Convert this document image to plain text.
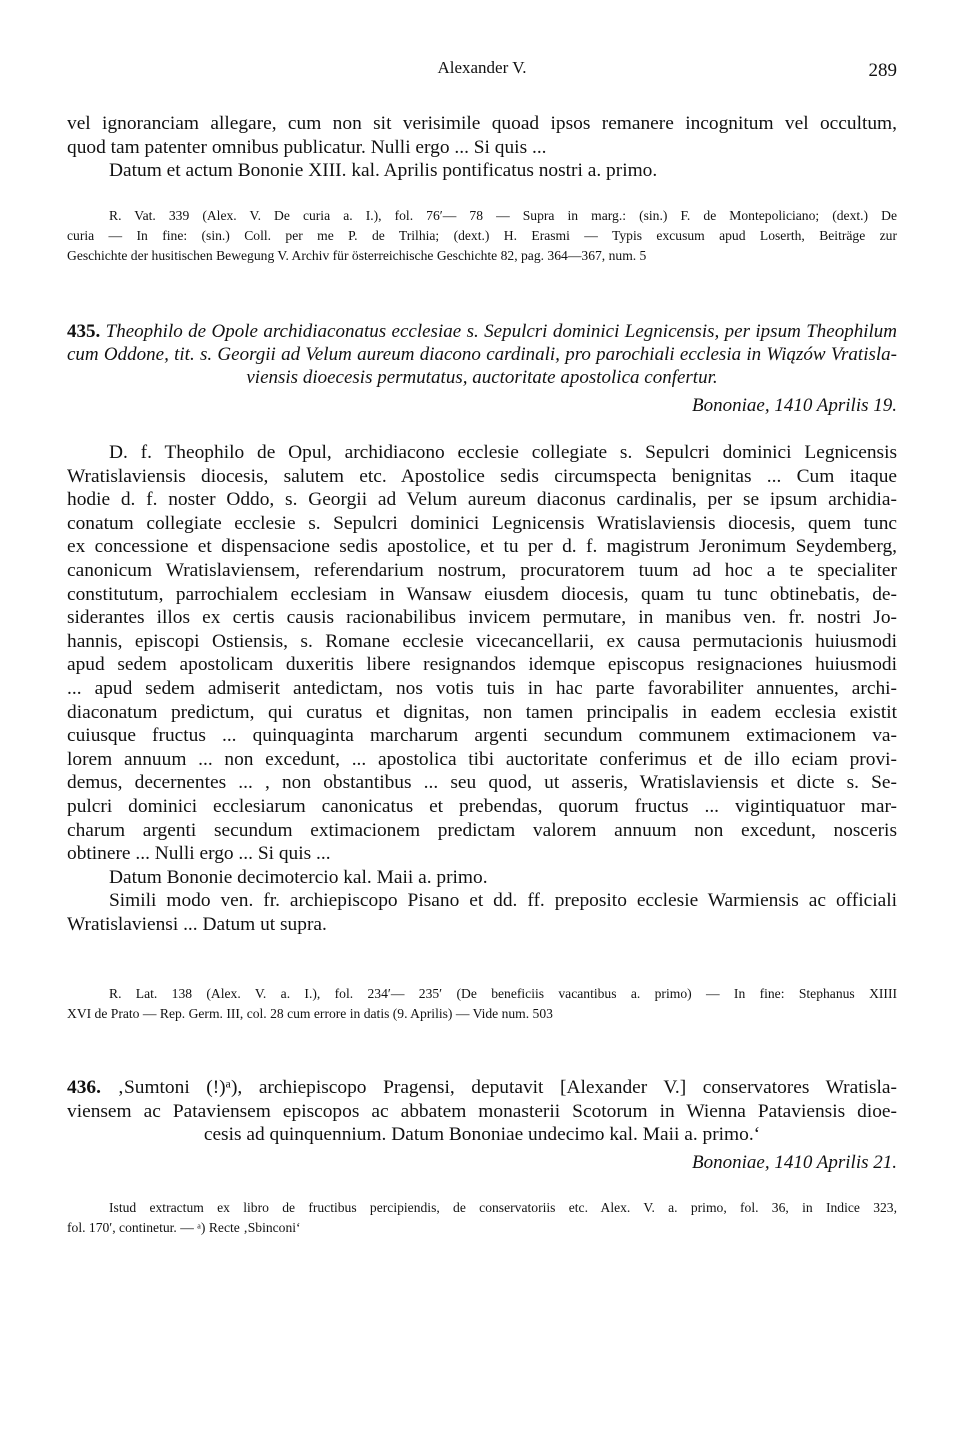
Alexander V.	289
vel ignoranciam allegare, cum non sit verisimile quoad ipsos remanere incognitum vel occultum,
quod tam patenter omnibus publicatur. Nulli ergo ... Si quis ...
Datum et actum Bononie XIII. kal. Aprilis pontificatus nostri a. primo.
R. Vat. 339 (Alex. V. De curia a. I.), fol. 76′— 78 — Supra in marg.: (sin.) F. de Montepoliciano; (dext.) De
curia — In fine: (sin.) Coll. per me P. de Trilhia; (dext.) H. Erasmi — Typis excusum apud Loserth, Beiträge zur
Geschichte der husitischen Bewegung V. Archiv für österreichische Geschichte 82, pag. 364—367, num. 5
435. Theophilo de Opole archidiaconatus ecclesiae s. Sepulcri dominici Legnicensis, per ipsum Theophilum
cum Oddone, tit. s. Georgii ad Velum aureum diacono cardinali, pro parochiali ecclesia in Wiązów Vratisla-
viensis dioecesis permutatus, auctoritate apostolica confertur.
Bononiae, 1410 Aprilis 19.
D. f. Theophilo de Opul, archidiacono ecclesie collegiate s. Sepulcri dominici Legnicensis
Wratislaviensis diocesis, salutem etc. Apostolice sedis circumspecta benignitas ... Cum itaque
hodie d. f. noster Oddo, s. Georgii ad Velum aureum diaconus cardinalis, per se ipsum archidia-
conatum collegiate ecclesie s. Sepulcri dominici Legnicensis Wratislaviensis diocesis, quem tunc
ex concessione et dispensacione sedis apostolice, et tu per d. f. magistrum Jeronimum Seydemberg,
canonicum Wratislaviensem, referendarium nostrum, procuratorem tuum ad hoc a te specialiter
constitutum, parrochialem ecclesiam in Wansaw eiusdem diocesis, quam tu tunc obtinebatis, de-
siderantes illos ex certis causis racionabilibus invicem permutare, in manibus ven. fr. nostri Jo-
hannis, episcopi Ostiensis, s. Romane ecclesie vicecancellarii, ex causa permutacionis huiusmodi
apud sedem apostolicam duxeritis libere resignandos idemque episcopus resignaciones huiusmodi
... apud sedem admiserit antedictam, nos votis tuis in hac parte favorabiliter annuentes, archi-
diaconatum predictum, qui curatus et dignitas, non tamen principalis in eadem ecclesia existit
cuiusque fructus ... quinquaginta marcharum argenti secundum communem extimacionem va-
lorem annuum ... non excedunt, ... apostolica tibi auctoritate conferimus et de illo eciam provi-
demus, decernentes ... , non obstantibus ... seu quod, ut asseris, Wratislaviensis et dicte s. Se-
pulcri dominici ecclesiarum canonicatus et prebendas, quorum fructus ... vigintiquatuor mar-
charum argenti secundum extimacionem predictam valorem annuum non excedunt, nosceris
obtinere ... Nulli ergo ... Si quis ...
Datum Bononie decimotercio kal. Maii a. primo.
Simili modo ven. fr. archiepiscopo Pisano et dd. ff. preposito ecclesie Warmiensis ac officiali
Wratislaviensi ... Datum ut supra.
R. Lat. 138 (Alex. V. a. I.), fol. 234′— 235′ (De beneficiis vacantibus a. primo) — In fine: Stephanus XIIII
XVI de Prato — Rep. Germ. III, col. 28 cum errore in datis (9. Aprilis) — Vide num. 503
436. ‚Sumtoni (!)ᵃ), archiepiscopo Pragensi, deputavit [Alexander V.] conservatores Wratisla-
viensem ac Pataviensem episcopos ac abbatem monasterii Scotorum in Wienna Pataviensis dioe-
cesis ad quinquennium. Datum Bononiae undecimo kal. Maii a. primo.‘
Bononiae, 1410 Aprilis 21.
Istud extractum ex libro de fructibus percipiendis, de conservatoriis etc. Alex. V. a. primo, fol. 36, in Indice 323,
fol. 170′, continetur. — ᵃ) Recte ‚Sbinconi‘
